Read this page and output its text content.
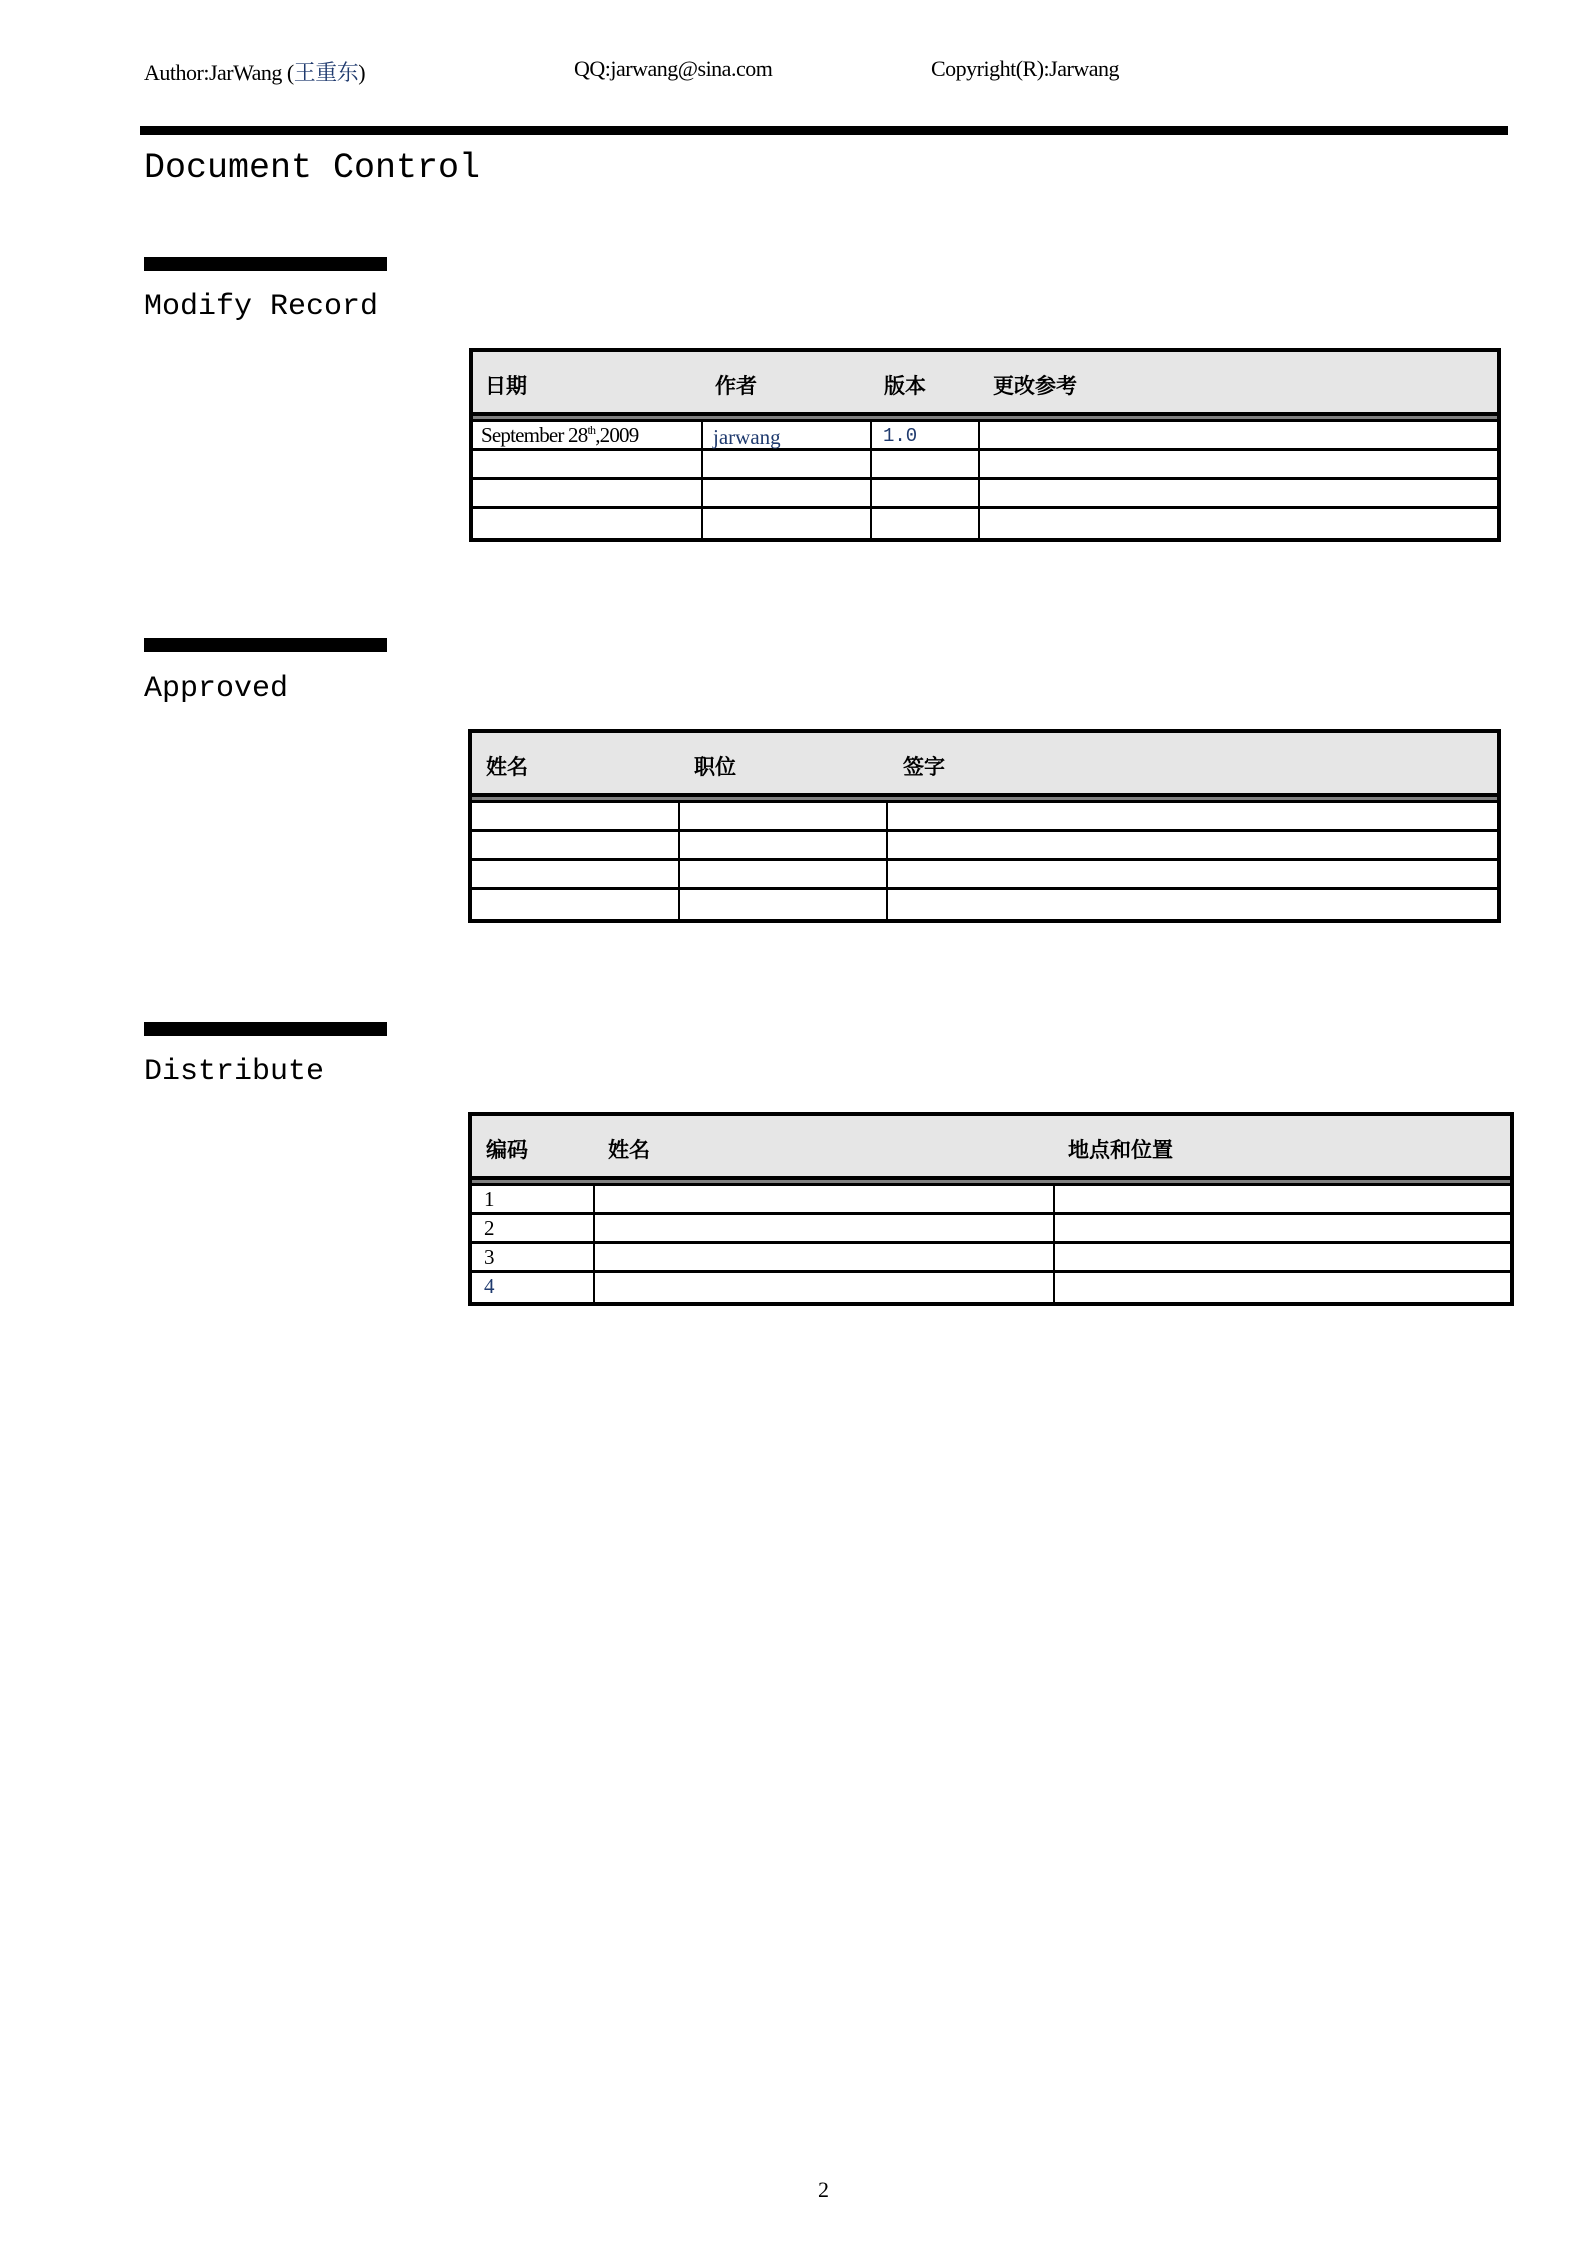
Author:JarWang (王重东)	QQ:jarwang@sina.com	Copyright(R):Jarwang
Document Control
Modify Record
日期	作者	版本	更改参考
September 28th,2009	jarwang	1.0
Approved
姓名	职位	签字
Distribute
编码	姓名	地点和位置
1
2
3
4
2
